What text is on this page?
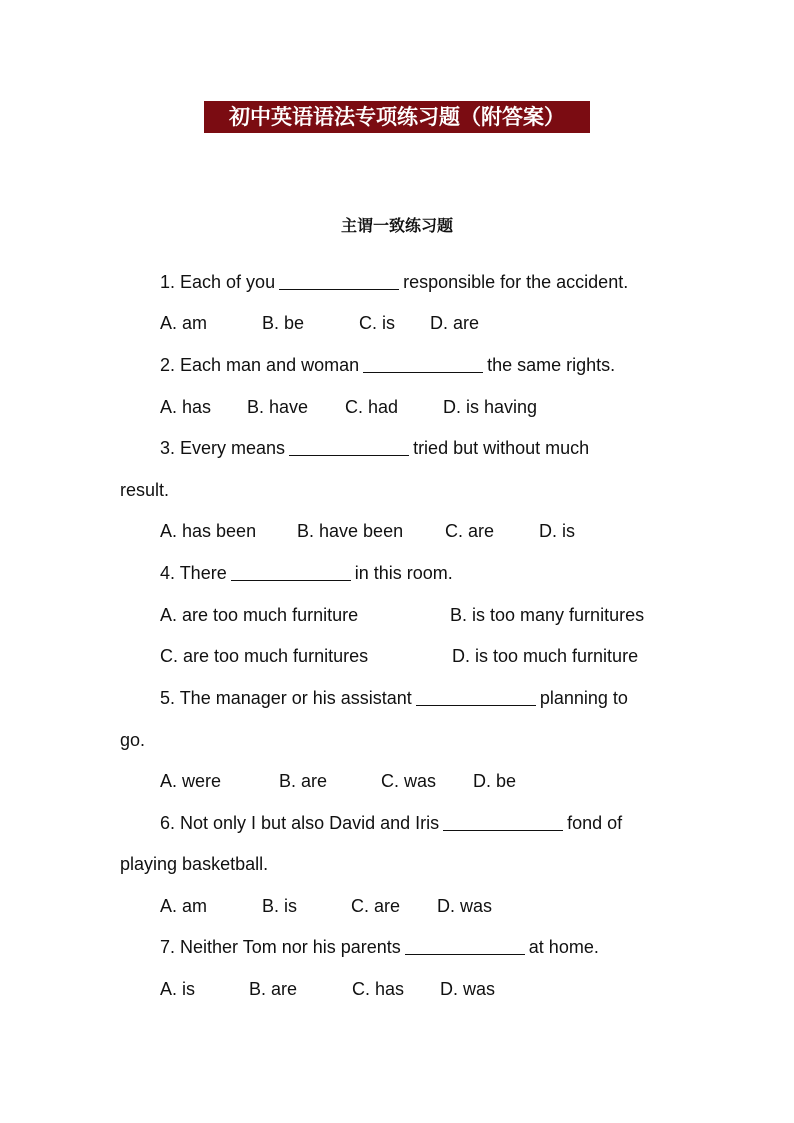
初中英语语法专项练习题（附答案）
主谓一致练习题
1. Each of you	responsible for the accident.
A. am	B. be	C. is D. are
2. Each man and woman	the same rights.
A. has B. have C. had D. is having
3. Every means	tried but without much
result.
A. has been B. have been C. are D. is
4. There	in this room.
A. are too much furniture	B. is too many furnitures
C. are too much furnitures	D. is too much furniture
5. The manager or his assistant	planning to
go.
A. were	B. are	C. was D. be
6. Not only I but also David and Iris	fond of
playing basketball.
A. am	B. is	C. are D. was
7. Neither Tom nor his parents	at home.
A. is	B. are	C. has D. was
